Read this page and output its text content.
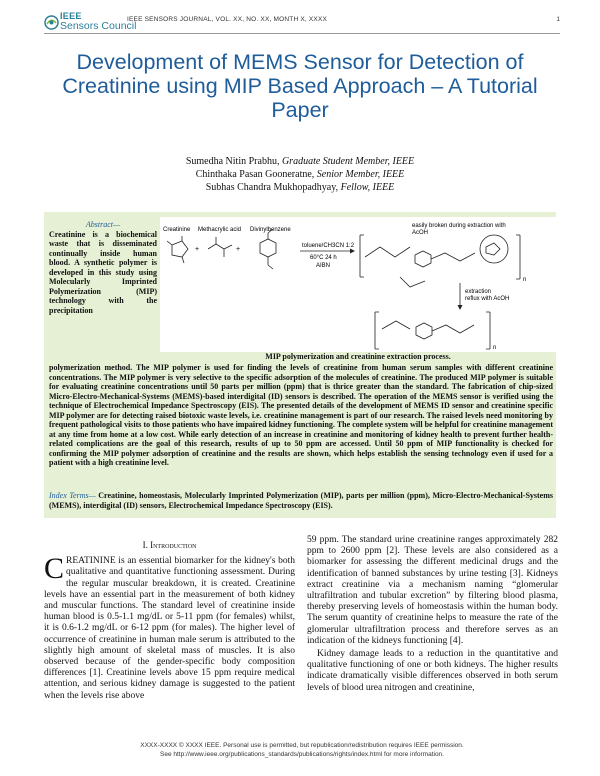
IEEE
Sensors Council
IEEE SENSORS JOURNAL, VOL. XX, NO. XX, MONTH X, XXXX	1
Development of MEMS Sensor for Detection of Creatinine using MIP Based Approach – A Tutorial Paper
Sumedha Nitin Prabhu, Graduate Student Member, IEEE
Chinthaka Pasan Gooneratne, Senior Member, IEEE
Subhas Chandra Mukhopadhyay, Fellow, IEEE
Abstract—
Creatinine is a biochemical waste that is disseminated continually inside human blood. A synthetic polymer is developed in this study using Molecularly Imprinted Polymerization (MIP) technology with the precipitation
Creatinine Methacrylic acid Divinylbenzene
+
+	toluene/CH3CN 1:2
60°C 24 h
AIBN
easily broken during extraction with
AcOH
n
extraction
reflux with AcOH
n
MIP polymerization and creatinine extraction process.
polymerization method. The MIP polymer is used for finding the levels of creatinine from human serum samples with different creatinine concentrations. The MIP polymer is very selective to the specific adsorption of the molecules of creatinine. The produced MIP polymer is suitable for evaluating creatinine concentrations until 50 parts per million (ppm) that is thrice greater than the standard. The fabrication of chip-sized Micro-Electro-Mechanical-Systems (MEMS)-based interdigital (ID) sensors is described. The operation of the MEMS sensor is verified using the technique of Electrochemical Impedance Spectroscopy (EIS). The presented details of the development of MEMS ID sensor and creatinine specific MIP polymer are for detecting raised biotoxic waste levels, i.e. creatinine management is part of our research. The raised levels need monitoring by frequent pathological visits to those patients who have impaired kidney functioning. The complete system will be helpful for creatinine management at any time from home at a low cost. While early detection of an increase in creatinine and monitoring of kidney health to prevent further health-related complications are the goal of this research, results of up to 50 ppm are accessed. Until 50 ppm of MIP functionality is checked for confirming the MIP polymer adsorption of creatinine and the results are shown, which helps establish the sensing technology even if used for a patient with a high creatinine level.
Index Terms— Creatinine, homeostasis, Molecularly Imprinted Polymerization (MIP), parts per million (ppm), Micro-Electro-Mechanical-Systems (MEMS), interdigital (ID) sensors, Electrochemical Impedance Spectroscopy (EIS).
I. Introduction
CREATININE is an essential biomarker for the kidney's both qualitative and quantitative functioning assessment. During the regular muscular breakdown, it is created. Creatinine levels have an essential part in the measurement of both kidney and muscular functions. The standard level of creatinine inside human blood is 0.5-1.1 mg/dL or 5-11 ppm (for females) whilst, it is 0.6-1.2 mg/dL or 6-12 ppm (for males). The higher level of occurrence of creatinine in human male serum is attributed to the slightly high amount of skeletal mass of muscles. It is also observed because of the gender-specific body composition differences [1]. Creatinine levels above 15 ppm require medical attention, and serious kidney damage is suggested to the patient when the levels rise above
59 ppm. The standard urine creatinine ranges approximately 282 ppm to 2600 ppm [2]. These levels are also considered as a biomarker for assessing the different medicinal drugs and the identification of banned substances by urine testing [3]. Kidneys extract creatinine via a mechanism naming “glomerular ultrafiltration and tubular excretion” by filtering blood plasma, thereby preserving levels of homeostasis within the human body. The serum quantity of creatinine helps to measure the rate of the glomerular ultrafiltration process and therefore serves as an indication of the kidneys functioning [4].
Kidney damage leads to a reduction in the quantitative and qualitative functioning of one or both kidneys. The higher results indicate dramatically visible differences observed in both serum levels of blood urea nitrogen and creatinine,
XXXX-XXXX © XXXX IEEE. Personal use is permitted, but republication/redistribution requires IEEE permission.
See http://www.ieee.org/publications_standards/publications/rights/index.html for more information.
